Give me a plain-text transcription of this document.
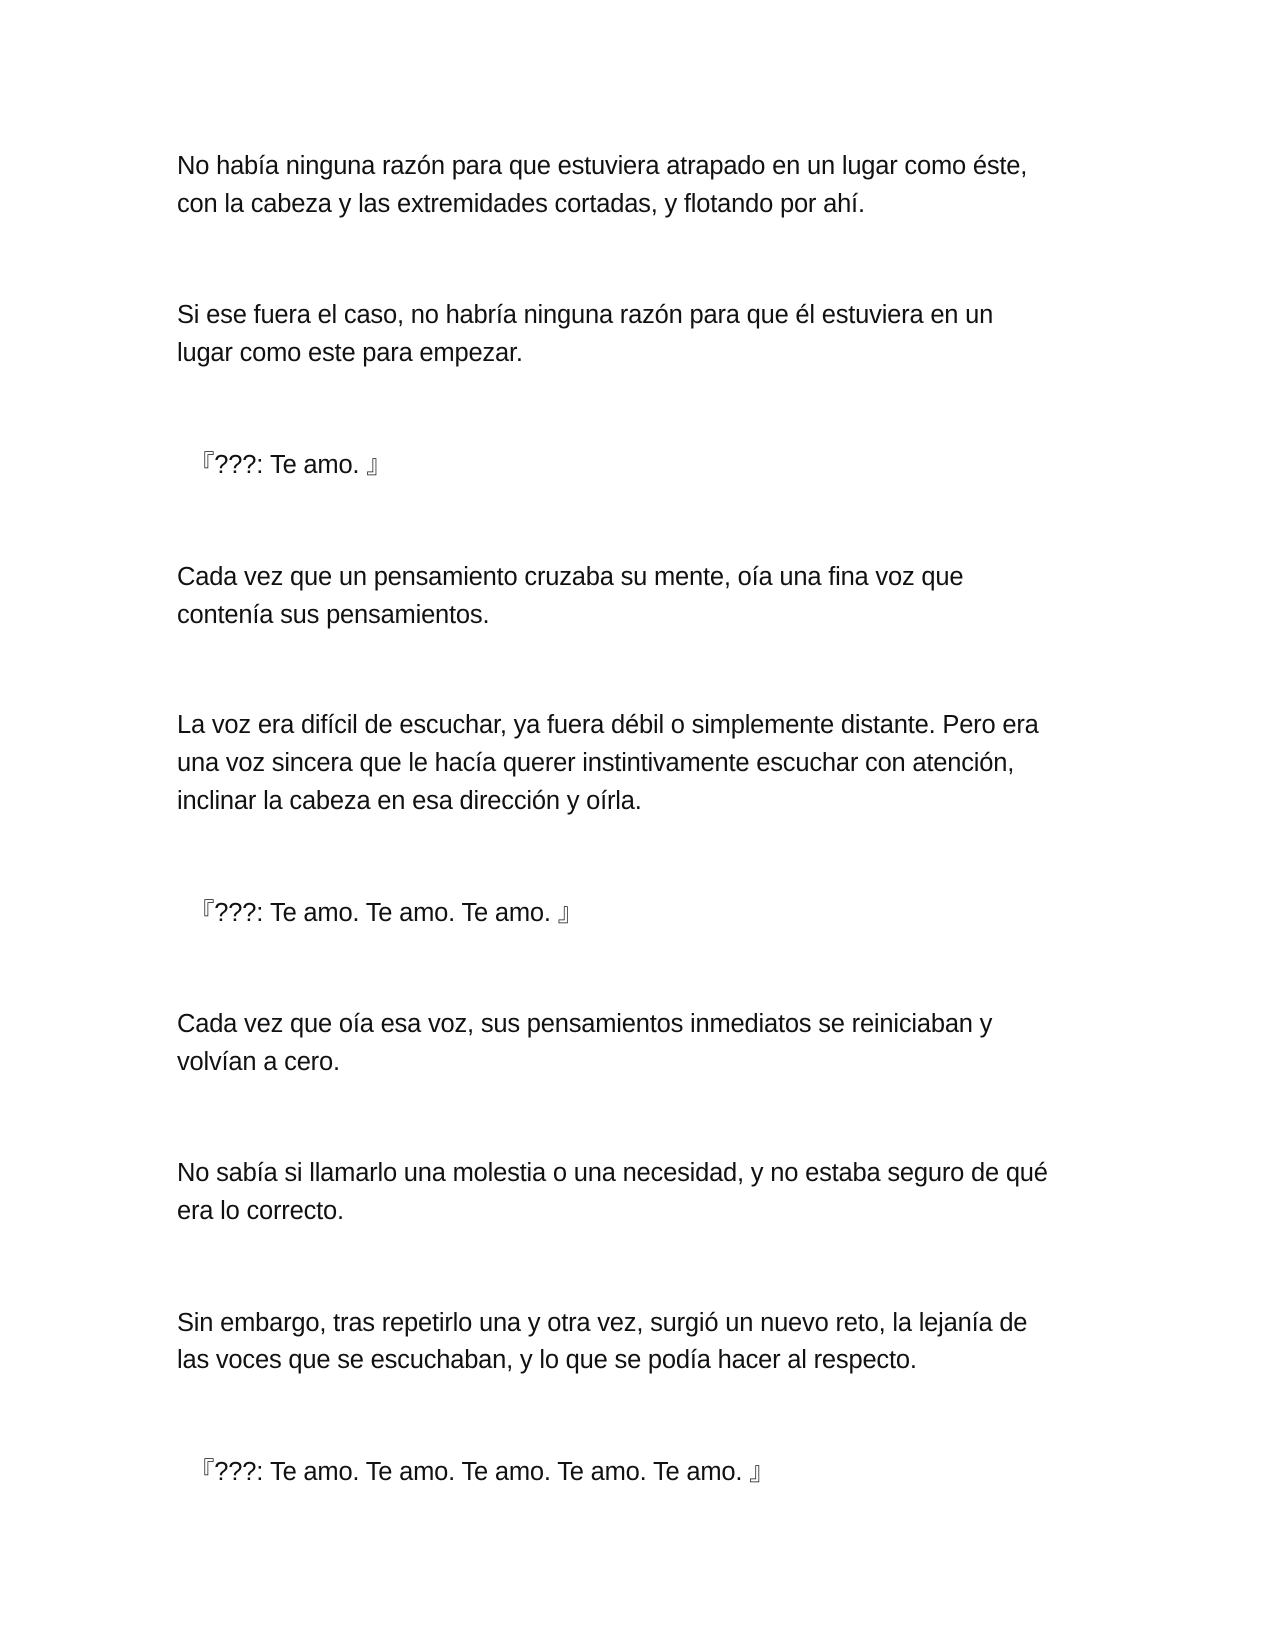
No había ninguna razón para que estuviera atrapado en un lugar como éste,

con la cabeza y las extremidades cortadas, y flotando por ahí.

Si ese fuera el caso, no habría ninguna razón para que él estuviera en un

lugar como este para empezar.

『???: Te amo. 』

Cada vez que un pensamiento cruzaba su mente, oía una fina voz que

contenía sus pensamientos.

La voz era difícil de escuchar, ya fuera débil o simplemente distante. Pero era

una voz sincera que le hacía querer instintivamente escuchar con atención,

inclinar la cabeza en esa dirección y oírla.

『???: Te amo. Te amo. Te amo. 』

Cada vez que oía esa voz, sus pensamientos inmediatos se reiniciaban y

volvían a cero.

No sabía si llamarlo una molestia o una necesidad, y no estaba seguro de qué

era lo correcto.

Sin embargo, tras repetirlo una y otra vez, surgió un nuevo reto, la lejanía de

las voces que se escuchaban, y lo que se podía hacer al respecto.

『???: Te amo. Te amo. Te amo. Te amo. Te amo. 』
